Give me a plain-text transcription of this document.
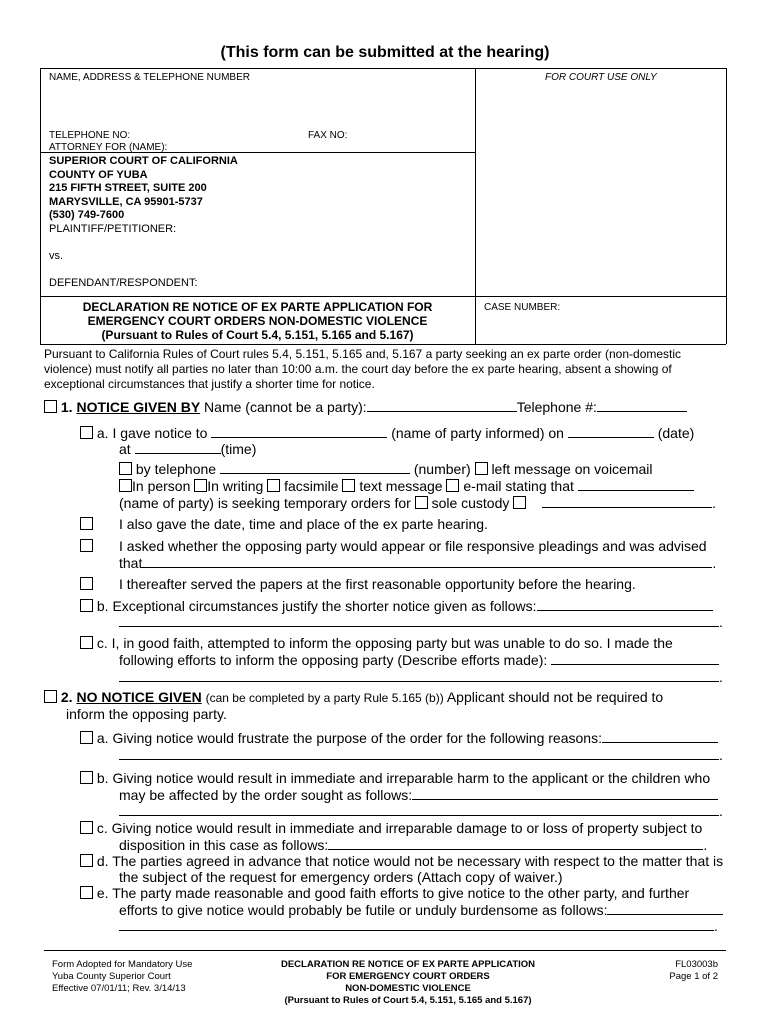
(This form can be submitted at the hearing)
NAME, ADDRESS & TELEPHONE NUMBER	FOR COURT USE ONLY
TELEPHONE NO:	FAX NO:
ATTORNEY FOR (NAME):
SUPERIOR COURT OF CALIFORNIA
COUNTY OF YUBA
215 FIFTH STREET, SUITE 200
MARYSVILLE, CA 95901-5737
(530) 749-7600
PLAINTIFF/PETITIONER:
vs.
DEFENDANT/RESPONDENT:
DECLARATION RE NOTICE OF EX PARTE APPLICATION FOR
EMERGENCY COURT ORDERS NON-DOMESTIC VIOLENCE
(Pursuant to Rules of Court 5.4, 5.151, 5.165 and 5.167)
CASE NUMBER:
Pursuant to California Rules of Court rules 5.4, 5.151, 5.165 and, 5.167 a party seeking an ex parte order (non-domestic
violence) must notify all parties no later than 10:00 a.m. the court day before the ex parte hearing, absent a showing of
exceptional circumstances that justify a shorter time for notice.
1. NOTICE GIVEN BY Name (cannot be a party):	Telephone #:
a. I gave notice to	(name of party informed) on	(date)
at	(time)
by telephone	(number) left message on voicemail
In person In writing facsimile text message e-mail stating that
(name of party) is seeking temporary orders for sole custody	.
I also gave the date, time and place of the ex parte hearing.
I asked whether the opposing party would appear or file responsive pleadings and was advised
that	.
I thereafter served the papers at the first reasonable opportunity before the hearing.
b. Exceptional circumstances justify the shorter notice given as follows:
.
c. I, in good faith, attempted to inform the opposing party but was unable to do so. I made the
following efforts to inform the opposing party (Describe efforts made):
.
2. NO NOTICE GIVEN (can be completed by a party Rule 5.165 (b)) Applicant should not be required to
inform the opposing party.
a. Giving notice would frustrate the purpose of the order for the following reasons:
.
b. Giving notice would result in immediate and irreparable harm to the applicant or the children who
may be affected by the order sought as follows:
.
c. Giving notice would result in immediate and irreparable damage to or loss of property subject to
disposition in this case as follows:	.
d. The parties agreed in advance that notice would not be necessary with respect to the matter that is
the subject of the request for emergency orders (Attach copy of waiver.)
e. The party made reasonable and good faith efforts to give notice to the other party, and further
efforts to give notice would probably be futile or unduly burdensome as follows:
.
Form Adopted for Mandatory Use
Yuba County Superior Court
Effective 07/01/11; Rev. 3/14/13
DECLARATION RE NOTICE OF EX PARTE APPLICATION
FOR EMERGENCY COURT ORDERS
NON-DOMESTIC VIOLENCE
(Pursuant to Rules of Court 5.4, 5.151, 5.165 and 5.167)
FL03003b
Page 1 of 2
